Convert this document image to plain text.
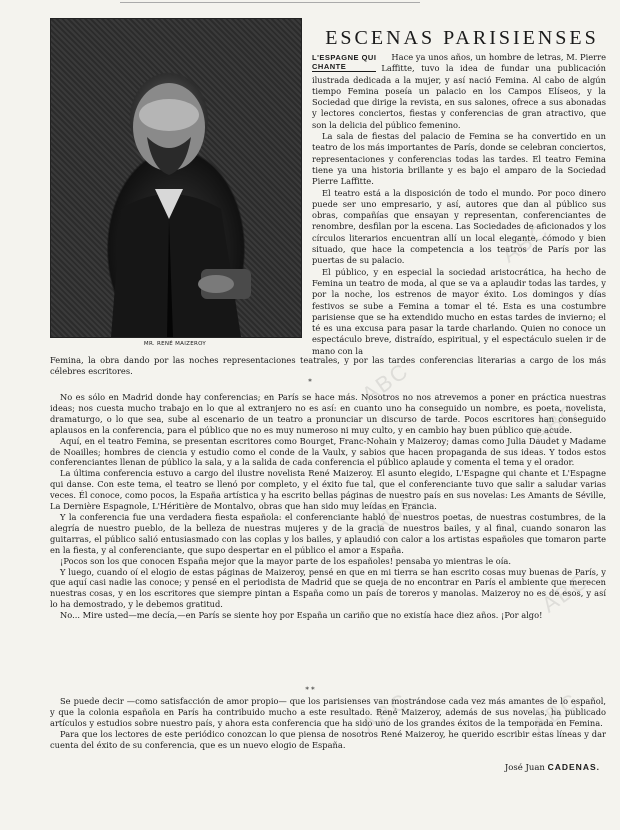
MR. RENÉ MAIZEROY
ESCENAS PARISIENSES

L'ESPAGNE QUI
CHANTE
Hace ya unos años, un hombre de letras, M. Pierre Laffitte, tuvo la idea de fundar una publicación ilustrada dedicada a la mujer, y así nació Femina. Al cabo de algún tiempo Femina poseía un palacio en los Campos Elíseos, y la Sociedad que dirige la revista, en sus salones, ofrece a sus abonadas y lectores conciertos, fiestas y conferencias de gran atractivo, que son la delicia del público femenino.

La sala de fiestas del palacio de Femina se ha convertido en un teatro de los más importantes de París, donde se celebran conciertos, representaciones y conferencias todas las tardes. El teatro Femina tiene ya una historia brillante y es bajo el amparo de la Sociedad Pierre Laffitte.

El teatro está a la disposición de todo el mundo. Por poco dinero puede ser uno empresario, y así, autores que dan al público sus obras, compañías que ensayan y representan, conferenciantes de renombre, desfilan por la escena. Las Sociedades de aficionados y los círculos literarios encuentran allí un local elegante, cómodo y bien situado, que hace la competencia a los teatros de París por las puertas de su palacio.

El público, y en especial la sociedad aristocrática, ha hecho de Femina un teatro de moda, al que se va a aplaudir todas las tardes, y por la noche, los estrenos de mayor éxito. Los domingos y días festivos se sube a Femina a tomar el té. Esta es una costumbre parisiense que se ha extendido mucho en estas tardes de invierno; el té es una excusa para pasar la tarde charlando. Quien no conoce un espectáculo breve, distraído, espiritual, y el espectáculo suelen ir de mano con la

Femina, la obra dando por las noches representaciones teatrales, y por las tardes conferencias literarias a cargo de los más célebres escritores.

*

No es sólo en Madrid donde hay conferencias; en París se hace más. Nosotros no nos atrevemos a poner en práctica nuestras ideas; nos cuesta mucho trabajo en lo que al extranjero no es así: en cuanto uno ha conseguido un nombre, es poeta, novelista, dramaturgo, o lo que sea, sube al escenario de un teatro a pronunciar un discurso de tarde. Pocos escritores han conseguido aplausos en la conferencia, para el público que no es muy numeroso ni muy culto, y en cambio hay buen público que acude.

Aquí, en el teatro Femina, se presentan escritores como Bourget, Franc-Nohain y Maizeroy; damas como Julia Daudet y Madame de Noailles; hombres de ciencia y estudio como el conde de la Vaulx, y sabios que hacen propaganda de sus ideas. Y todos estos conferenciantes llenan de público la sala, y a la salida de cada conferencia el público aplaude y comenta el tema y el orador.

La última conferencia estuvo a cargo del ilustre novelista René Maizeroy. El asunto elegido, L'Espagne qui chante et L'Espagne qui danse. Con este tema, el teatro se llenó por completo, y el éxito fue tal, que el conferenciante tuvo que salir a saludar varias veces. Él conoce, como pocos, la España artística y ha escrito bellas páginas de nuestro país en sus novelas: Les Amants de Séville, La Dernière Espagnole, L'Héritière de Montalvo, obras que han sido muy leídas en Francia.

Y la conferencia fue una verdadera fiesta española: el conferenciante habló de nuestros poetas, de nuestras costumbres, de la alegría de nuestro pueblo, de la belleza de nuestras mujeres y de la gracia de nuestros bailes, y al final, cuando sonaron las guitarras, el público salió entusiasmado con las coplas y los bailes, y aplaudió con calor a los artistas españoles que tomaron parte en la fiesta, y al conferenciante, que supo despertar en el público el amor a España.

¡Pocos son los que conocen España mejor que la mayor parte de los españoles! pensaba yo mientras le oía.

Y luego, cuando oí el elogio de estas páginas de Maizeroy, pensé en que en mi tierra se han escrito cosas muy buenas de París, y que aquí casi nadie las conoce; y pensé en el periodista de Madrid que se queja de no encontrar en París el ambiente que merecen nuestras cosas, y en los escritores que siempre pintan a España como un país de toreros y manolas. Maizeroy no es de esos, y así lo ha demostrado, y le debemos gratitud.

No... Mire usted—me decía,—en París se siente hoy por España un cariño que no existía hace diez años. ¡Por algo!

* *

Se puede decir —como satisfacción de amor propio— que los parisienses van mostrándose cada vez más amantes de lo español, y que la colonia española en París ha contribuido mucho a este resultado. René Maizeroy, además de sus novelas, ha publicado artículos y estudios sobre nuestro país, y ahora esta conferencia que ha sido uno de los grandes éxitos de la temporada en Femina.

Para que los lectores de este periódico conozcan lo que piensa de nosotros René Maizeroy, he querido escribir estas líneas y dar cuenta del éxito de su conferencia, que es un nuevo elogio de España.

José Juan CADENAS.
ABC
ABC
ABC
ABC
ABC
ABC	ABC
